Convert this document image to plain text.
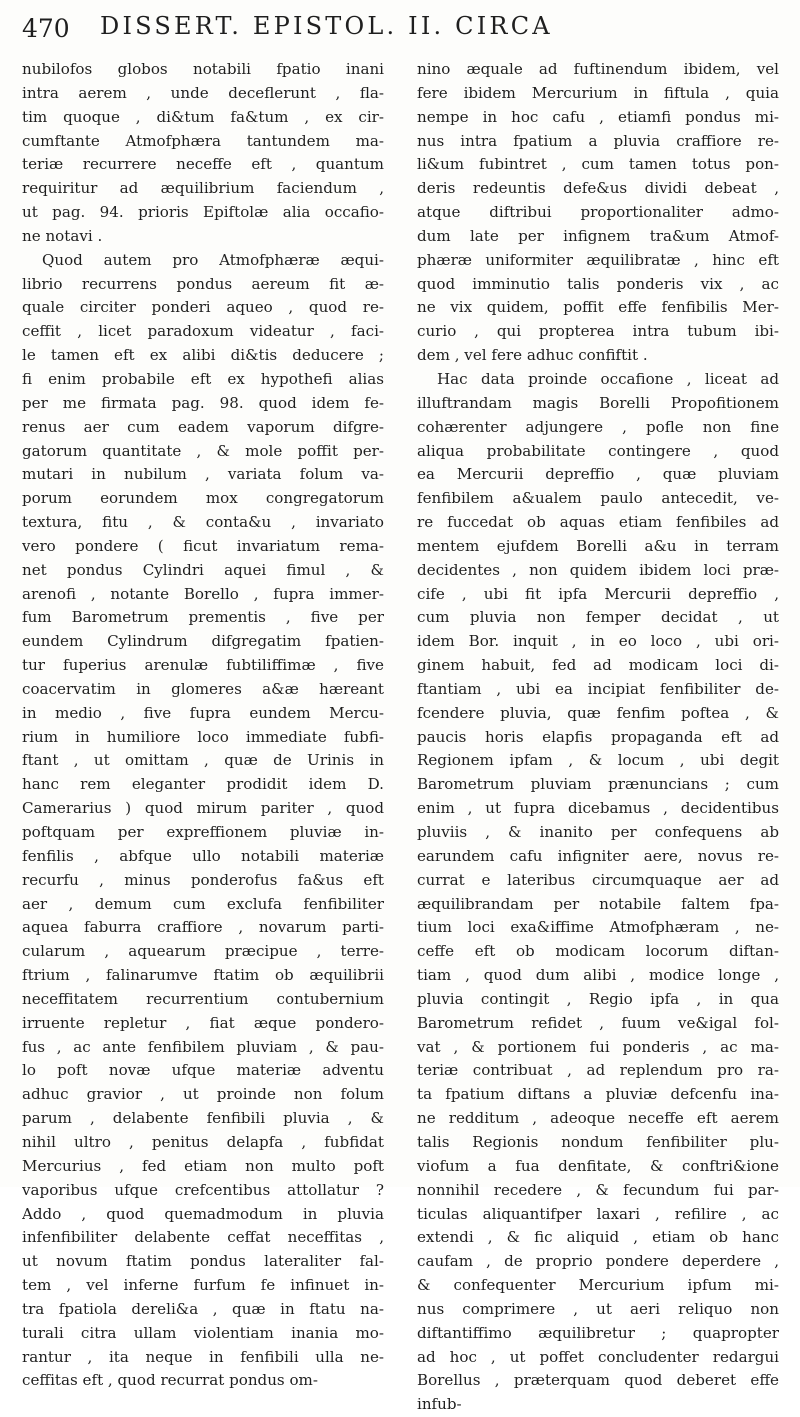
470 DISSERT. EPISTOL. II. CIRCA
nubilofos globos notabili fpatio inani
intra aerem , unde deceflerunt , fla-
tim quoque , di&tum fa&tum , ex cir-
cumftante Atmofphæra tantundem ma-
teriæ recurrere neceffe eft , quantum
requiritur ad æquilibrium faciendum ,
ut pag. 94. prioris Epiftolæ alia occafio-
ne notavi .
Quod autem pro Atmofphæræ æqui-
librio recurrens pondus aereum fit æ-
quale circiter ponderi aqueo , quod re-
ceffit , licet paradoxum videatur , faci-
le tamen eft ex alibi di&tis deducere ;
fi enim probabile eft ex hypothefi alias
per me firmata pag. 98. quod idem fe-
renus aer cum eadem vaporum difgre-
gatorum quantitate , & mole poffit per-
mutari in nubilum , variata folum va-
porum eorundem mox congregatorum
textura, fitu , & conta&u , invariato
vero pondere ( ficut invariatum rema-
net pondus Cylindri aquei fimul , &
arenofi , notante Borello , fupra immer-
fum Barometrum prementis , five per
eundem Cylindrum difgregatim fpatien-
tur fuperius arenulæ fubtiliffimæ , five
coacervatim in glomeres a&æ hæreant
in medio , five fupra eundem Mercu-
rium in humiliore loco immediate fubfi-
ftant , ut omittam , quæ de Urinis in
hanc rem eleganter prodidit idem D.
Camerarius ) quod mirum pariter , quod
poftquam per expreffionem pluviæ in-
fenfilis , abfque ullo notabili materiæ
recurfu , minus ponderofus fa&us eft
aer , demum cum exclufa fenfibiliter
aquea faburra craffiore , novarum parti-
cularum , aquearum præcipue , terre-
ftrium , falinarumve ftatim ob æquilibrii
neceffitatem recurrentium contubernium
irruente repletur , fiat æque pondero-
fus , ac ante fenfibilem pluviam , & pau-
lo poft novæ ufque materiæ adventu
adhuc gravior , ut proinde non folum
parum , delabente fenfibili pluvia , &
nihil ultro , penitus delapfa , fubfidat
Mercurius , fed etiam non multo poft
vaporibus ufque crefcentibus attollatur ?
Addo , quod quemadmodum in pluvia
infenfibiliter delabente ceffat neceffitas ,
ut novum ftatim pondus lateraliter fal-
tem , vel inferne furfum fe infinuet in-
tra fpatiola dereli&a , quæ in ftatu na-
turali citra ullam violentiam inania mo-
rantur , ita neque in fenfibili ulla ne-
ceffitas eft , quod recurrat pondus om-
nino æquale ad fuftinendum ibidem, vel
fere ibidem Mercurium in fiftula , quia
nempe in hoc cafu , etiamfi pondus mi-
nus intra fpatium a pluvia craffiore re-
li&um fubintret , cum tamen totus pon-
deris redeuntis defe&us dividi debeat ,
atque diftribui proportionaliter admo-
dum late per infignem tra&um Atmof-
phæræ uniformiter æquilibratæ , hinc eft
quod imminutio talis ponderis vix , ac
ne vix quidem, poffit effe fenfibilis Mer-
curio , qui propterea intra tubum ibi-
dem , vel fere adhuc confiftit .
Hac data proinde occafione , liceat ad
illuftrandam magis Borelli Propofitionem
cohærenter adjungere , pofle non fine
aliqua probabilitate contingere , quod
ea Mercurii depreffio , quæ pluviam
fenfibilem a&ualem paulo antecedit, ve-
re fuccedat ob aquas etiam fenfibiles ad
mentem ejufdem Borelli a&u in terram
decidentes , non quidem ibidem loci præ-
cife , ubi fit ipfa Mercurii depreffio ,
cum pluvia non femper decidat , ut
idem Bor. inquit , in eo loco , ubi ori-
ginem habuit, fed ad modicam loci di-
ftantiam , ubi ea incipiat fenfibiliter de-
fcendere pluvia, quæ fenfim poftea , &
paucis horis elapfis propaganda eft ad
Regionem ipfam , & locum , ubi degit
Barometrum pluviam prænuncians ; cum
enim , ut fupra dicebamus , decidentibus
pluviis , & inanito per confequens ab
earundem cafu infigniter aere, novus re-
currat e lateribus circumquaque aer ad
æquilibrandam per notabile faltem fpa-
tium loci exa&iffime Atmofphæram , ne-
ceffe eft ob modicam locorum diftan-
tiam , quod dum alibi , modice longe ,
pluvia contingit , Regio ipfa , in qua
Barometrum refidet , fuum ve&igal fol-
vat , & portionem fui ponderis , ac ma-
teriæ contribuat , ad replendum pro ra-
ta fpatium diftans a pluviæ defcenfu ina-
ne redditum , adeoque neceffe eft aerem
talis Regionis nondum fenfibiliter plu-
viofum a fua denfitate, & conftri&ione
nonnihil recedere , & fecundum fui par-
ticulas aliquantifper laxari , refilire , ac
extendi , & fic aliquid , etiam ob hanc
caufam , de proprio pondere deperdere ,
& confequenter Mercurium ipfum mi-
nus comprimere , ut aeri reliquo non
diftantiffimo æquilibretur ; quapropter
ad hoc , ut poffet concludenter redargui
Borellus , præterquam quod deberet effe
infub-
